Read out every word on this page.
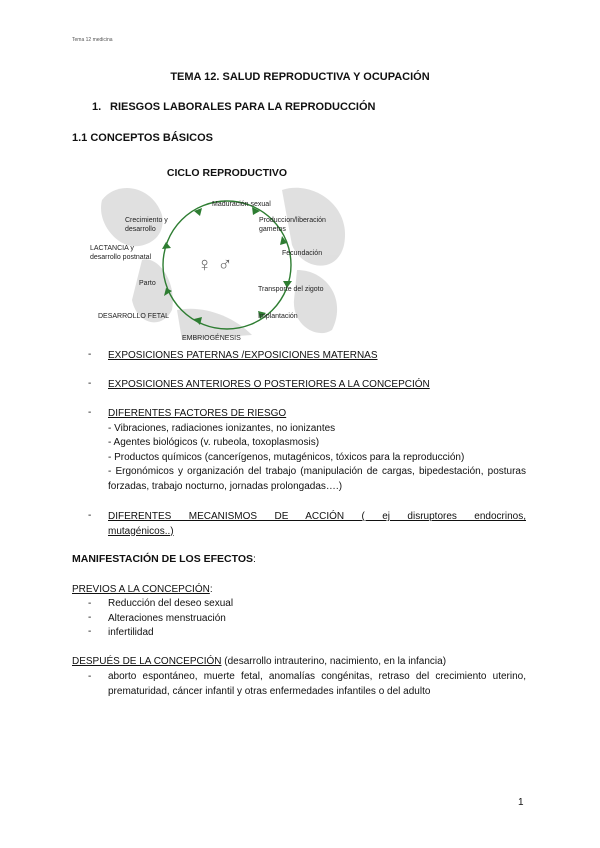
Tema 12 medicina
TEMA 12. SALUD REPRODUCTIVA Y OCUPACIÓN
1. RIESGOS LABORALES PARA LA REPRODUCCIÓN
1.1 CONCEPTOS BÁSICOS
CICLO REPRODUCTIVO
Maduración sexual
Produccion/liberación
gametos
Fecundación
Transporte del zigoto
Implantación
EMBRIOGÉNESIS
DESARROLLO FETAL
Parto
LACTANCIA y
desarrollo postnatal
Crecimiento y
desarrollo
♀ ♂
- EXPOSICIONES PATERNAS /EXPOSICIONES MATERNAS
- EXPOSICIONES ANTERIORES O POSTERIORES A LA CONCEPCIÓN
- DIFERENTES FACTORES DE RIESGO
- Vibraciones, radiaciones ionizantes, no ionizantes
- Agentes biológicos (v. rubeola, toxoplasmosis)
- Productos químicos (cancerígenos, mutagénicos, tóxicos para la reproducción)
- Ergonómicos y organización del trabajo (manipulación de cargas, bipedestación, posturas forzadas, trabajo nocturno, jornadas prolongadas….)
- DIFERENTES MECANISMOS DE ACCIÓN ( ej disruptores endocrinos, mutagénicos..)
MANIFESTACIÓN DE LOS EFECTOS:
PREVIOS A LA CONCEPCIÓN:
-
-
-
Reducción del deseo sexual
Alteraciones menstruación
infertilidad
DESPUÉS DE LA CONCEPCIÓN (desarrollo intrauterino, nacimiento, en la infancia)
- aborto espontáneo, muerte fetal, anomalías congénitas, retraso del crecimiento uterino, prematuridad, cáncer infantil y otras enfermedades infantiles o del adulto
1
